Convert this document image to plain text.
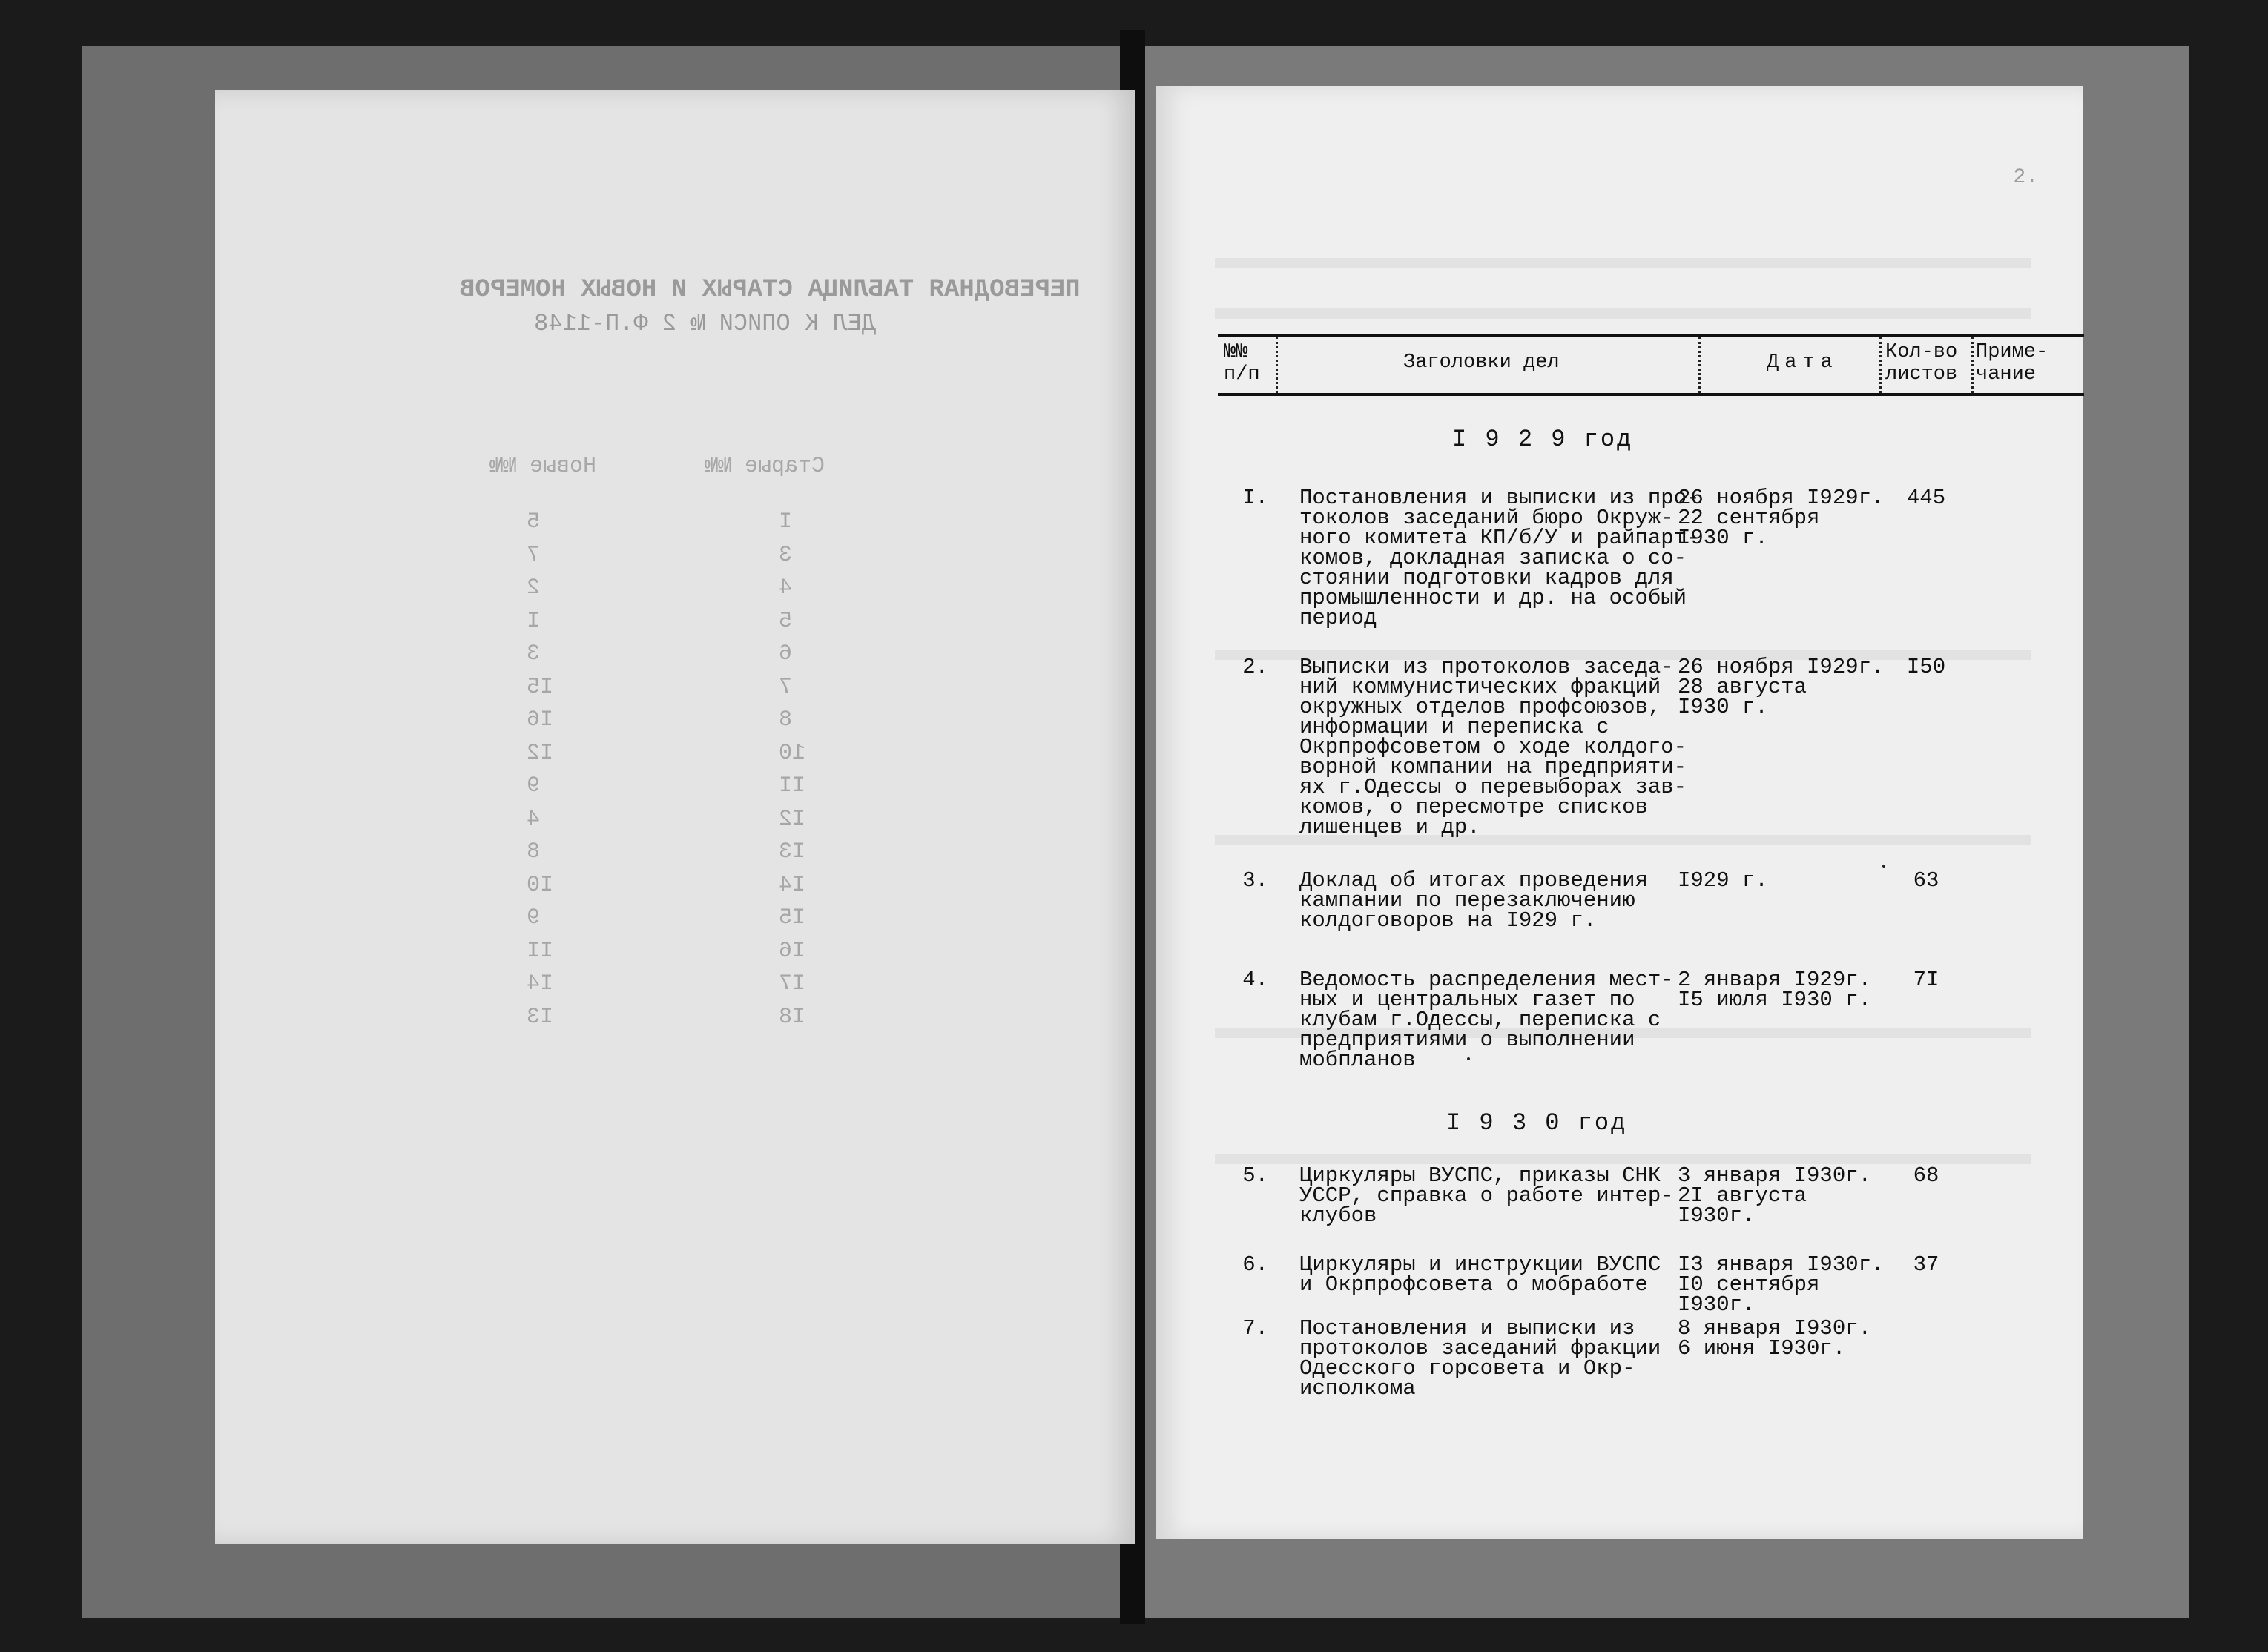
ПЕРЕВОДНАЯ ТАБЛИЦА СТАРЫХ И НОВЫХ НОМЕРОВ
ДЕЛ К ОПИСИ № 2 Ф.П-1148
Старые №№
Новые №№
I
3
4
5
6
7
8
10
II
I2
I3
I4
I5
I6
I7
I8
5
7
2
I
3
I5
I6
I2
9
4
8
I0
9
II
I4
I3
2.
№№
п/п
Заголовки дел	Дата Кол-во
листов
Приме-
чание
I 9 2 9 год
I. Постановления и выписки из про-
токолов заседаний бюро Окруж-
ного комитета КП/б/У и райпарт-
комов, докладная записка о со-
стоянии подготовки кадров для
промышленности и др. на особый
период
26 ноября I929г.
22 сентября
I930 г.
445
2. Выписки из протоколов заседа-
ний коммунистических фракций
окружных отделов профсоюзов,
информации и переписка с
Окрпрофсоветом о ходе колдого-
ворной компании на предприяти-
ях г.Одессы о перевыборах зав-
комов, о пересмотре списков
лишенцев и др.
26 ноября I929г.
28 августа
I930 г.
I50
3. Доклад об итогах проведения
кампании по перезаключению
колдоговоров на I929 г.
I929 г.	63
4. Ведомость распределения мест-
ных и центральных газет по
клубам г.Одессы, переписка с
предприятиями о выполнении
мобпланов
2 января I929г.
I5 июля I930 г.
7I
I 9 3 0 год
5. Циркуляры ВУСПС, приказы СНК
УССР, справка о работе интер-
клубов
3 января I930г.
2I августа I930г.
68
6. Циркуляры и инструкции ВУСПС
и Окрпрофсовета о мобработе
I3 января I930г.
I0 сентября I930г.
37
7. Постановления и выписки из
протоколов заседаний фракции
Одесского горсовета и Окр-
исполкома
8 января I930г.
6 июня I930г.
